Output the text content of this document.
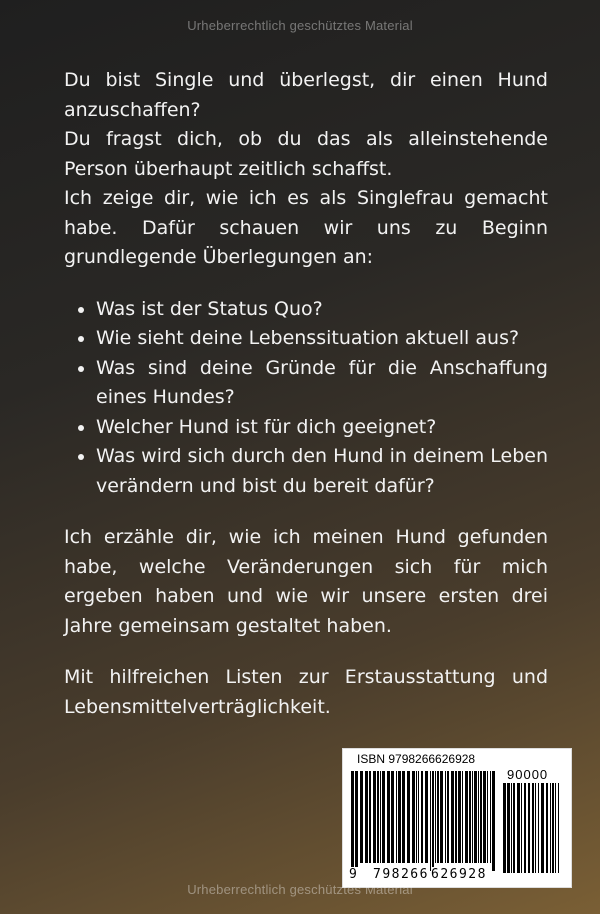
Urheberrechtlich geschütztes Material

Du bist Single und überlegst, dir einen Hund anzuschaffen?

Du fragst dich, ob du das als alleinstehende Person überhaupt zeitlich schaffst.

Ich zeige dir, wie ich es als Singlefrau gemacht habe. Dafür schauen wir uns zu Beginn grundlegende Überlegungen an:

• Was ist der Status Quo?
• Wie sieht deine Lebenssituation aktuell aus?
• Was sind deine Gründe für die Anschaffung eines Hundes?
• Welcher Hund ist für dich geeignet?
• Was wird sich durch den Hund in deinem Leben verändern und bist du bereit dafür?

Ich erzähle dir, wie ich meinen Hund gefunden habe, welche Veränderungen sich für mich ergeben haben und wie wir unsere ersten drei Jahre gemeinsam gestaltet haben.

Mit hilfreichen Listen zur Erstausstattung und Lebensmittelverträglichkeit.

ISBN 9798266626928
90000
9 798266 626928
Urheberrechtlich geschütztes Material
